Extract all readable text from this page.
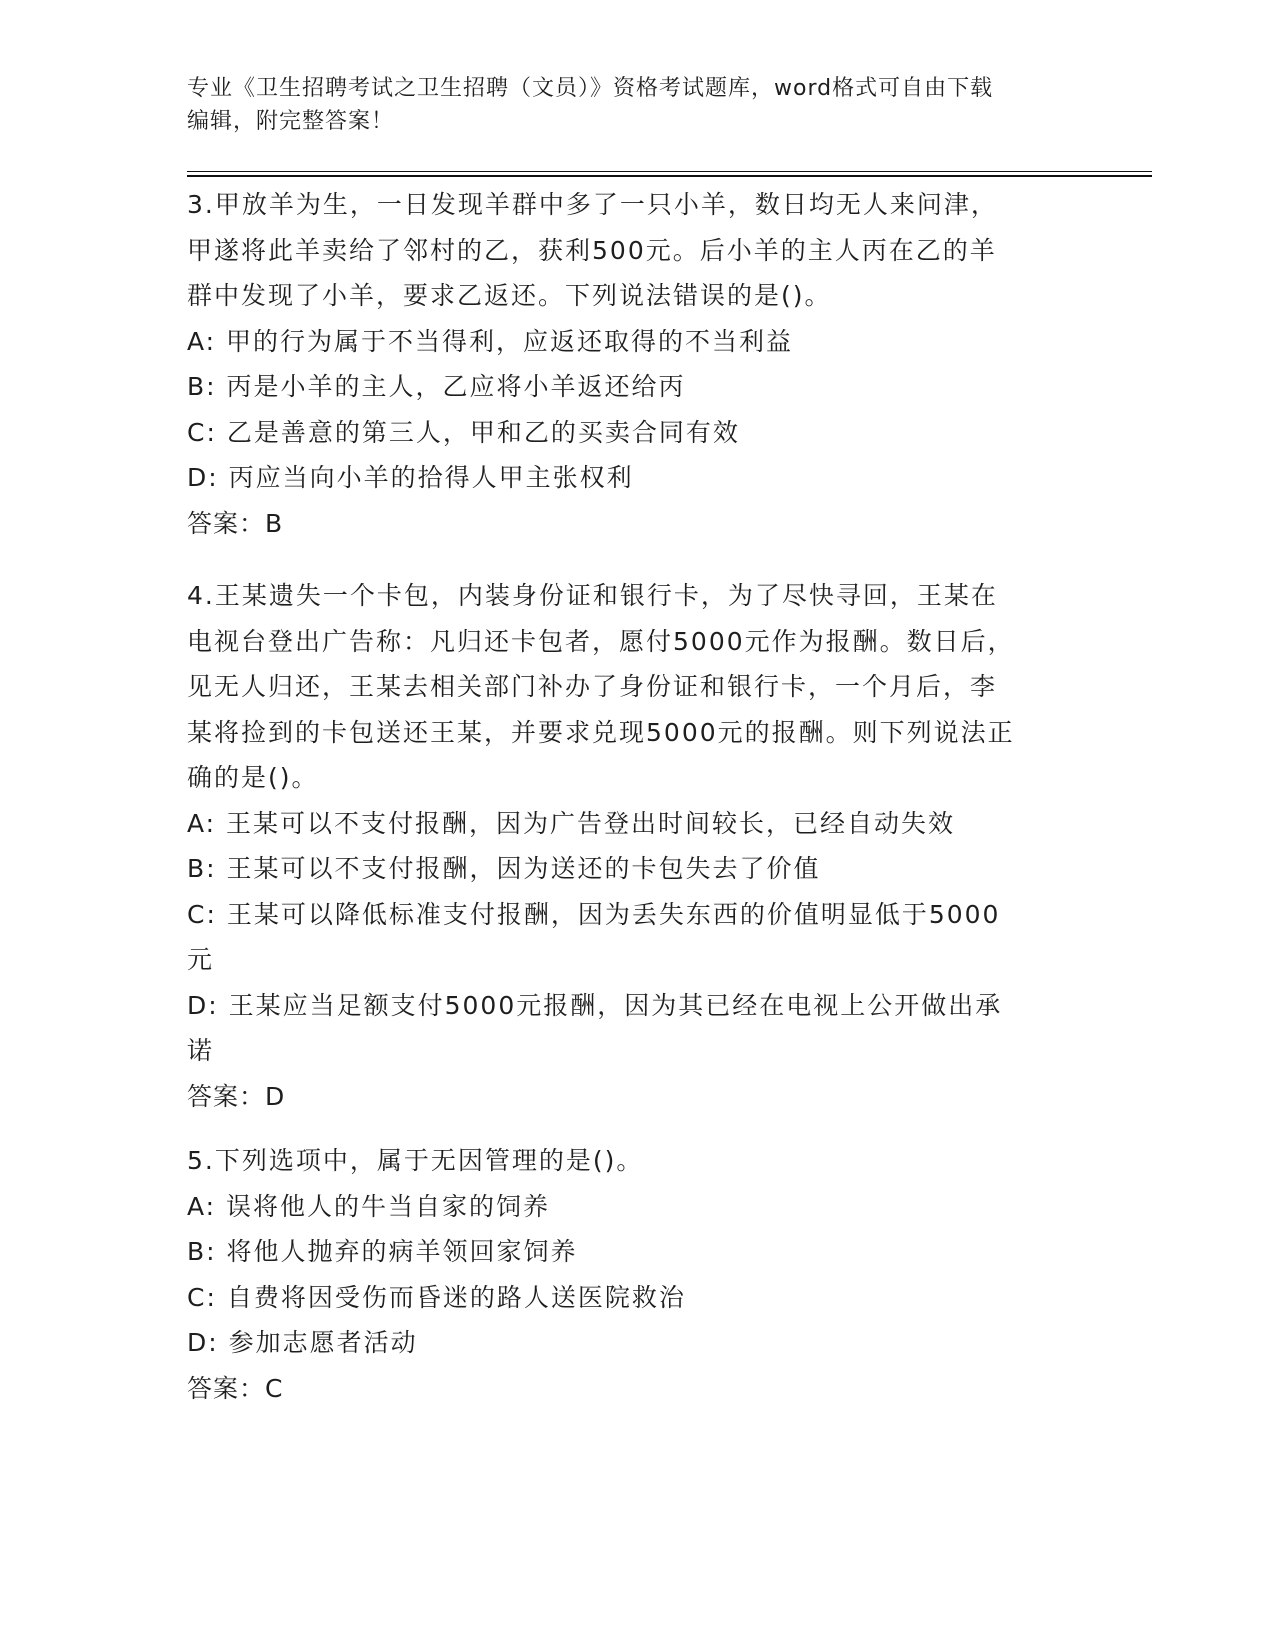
专业《卫生招聘考试之卫生招聘（文员）》资格考试题库，word格式可自由下载
编辑，附完整答案！

3.甲放羊为生，一日发现羊群中多了一只小羊，数日均无人来问津，

甲遂将此羊卖给了邻村的乙，获利500元。后小羊的主人丙在乙的羊

群中发现了小羊，要求乙返还。下列说法错误的是()。

A: 甲的行为属于不当得利，应返还取得的不当利益

B: 丙是小羊的主人，乙应将小羊返还给丙

C: 乙是善意的第三人，甲和乙的买卖合同有效

D: 丙应当向小羊的拾得人甲主张权利

答案：B

4.王某遗失一个卡包，内装身份证和银行卡，为了尽快寻回，王某在

电视台登出广告称：凡归还卡包者，愿付5000元作为报酬。数日后，

见无人归还，王某去相关部门补办了身份证和银行卡，一个月后，李

某将捡到的卡包送还王某，并要求兑现5000元的报酬。则下列说法正

确的是()。

A: 王某可以不支付报酬，因为广告登出时间较长，已经自动失效

B: 王某可以不支付报酬，因为送还的卡包失去了价值

C: 王某可以降低标准支付报酬，因为丢失东西的价值明显低于5000

元

D: 王某应当足额支付5000元报酬，因为其已经在电视上公开做出承

诺

答案：D

5.下列选项中，属于无因管理的是()。

A: 误将他人的牛当自家的饲养

B: 将他人抛弃的病羊领回家饲养

C: 自费将因受伤而昏迷的路人送医院救治

D: 参加志愿者活动

答案：C
